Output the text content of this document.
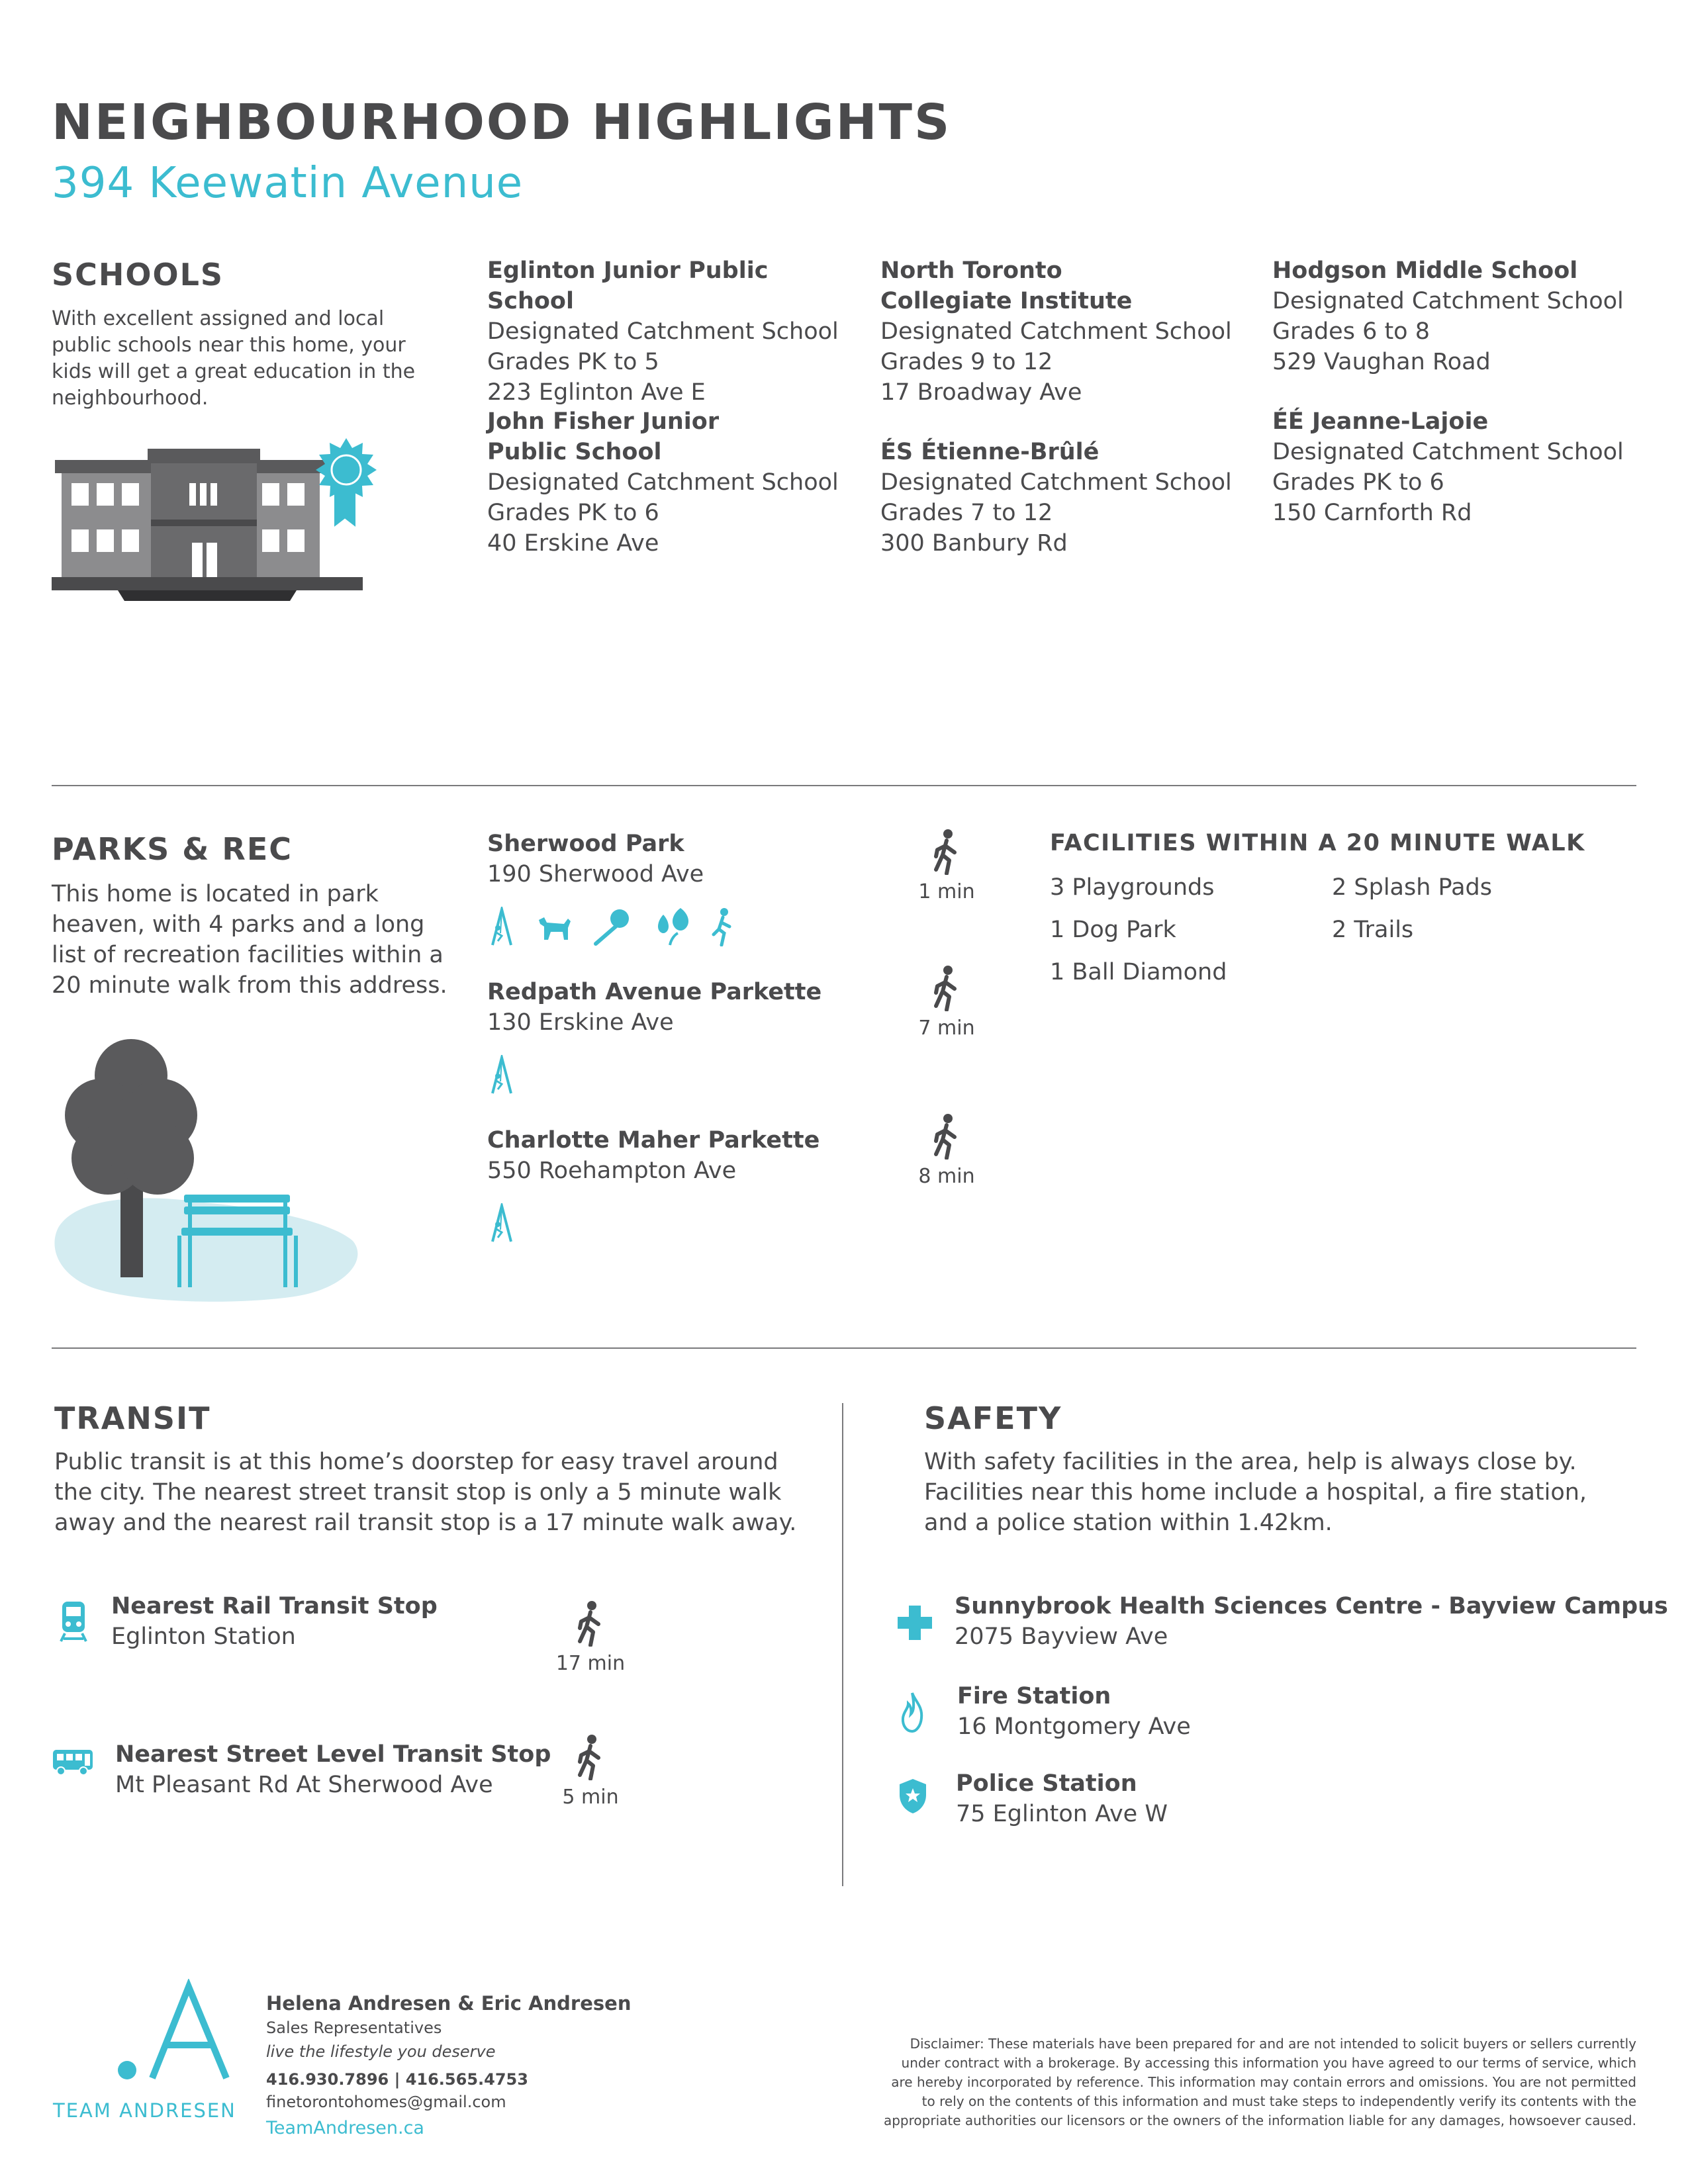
NEIGHBOURHOOD HIGHLIGHTS
394 Keewatin Avenue
SCHOOLS
With excellent assigned and local
public schools near this home, your
kids will get a great education in the
neighbourhood.
Eglinton Junior Public School
Designated Catchment School
Grades PK to 5
223 Eglinton Ave E
John Fisher Junior
Public School
Designated Catchment School
Grades PK to 6
40 Erskine Ave
North Toronto
Collegiate Institute
Designated Catchment School
Grades 9 to 12
17 Broadway Ave
ÉS Étienne-Brûlé
Designated Catchment School
Grades 7 to 12
300 Banbury Rd
Hodgson Middle School
Designated Catchment School
Grades 6 to 8
529 Vaughan Road
ÉÉ Jeanne-Lajoie
Designated Catchment School
Grades PK to 6
150 Carnforth Rd
PARKS & REC
This home is located in park
heaven, with 4 parks and a long
list of recreation facilities within a
20 minute walk from this address.
Sherwood Park
190 Sherwood Ave
Redpath Avenue Parkette
130 Erskine Ave
Charlotte Maher Parkette
550 Roehampton Ave
1 min
7 min
8 min
FACILITIES WITHIN A 20 MINUTE WALK
3 Playgrounds	2 Splash Pads
1 Dog Park	2 Trails
1 Ball Diamond
TRANSIT
Public transit is at this home’s doorstep for easy travel around
the city. The nearest street transit stop is only a 5 minute walk
away and the nearest rail transit stop is a 17 minute walk away.
Nearest Rail Transit Stop
Eglinton Station
17 min
Nearest Street Level Transit Stop
Mt Pleasant Rd At Sherwood Ave	5 min
SAFETY
With safety facilities in the area, help is always close by.
Facilities near this home include a hospital, a fire station,
and a police station within 1.42km.
Sunnybrook Health Sciences Centre - Bayview Campus
2075 Bayview Ave
Fire Station
16 Montgomery Ave
Police Station
75 Eglinton Ave W
TEAM ANDRESEN
Helena Andresen & Eric Andresen
Sales Representatives
live the lifestyle you deserve
416.930.7896 | 416.565.4753
finetorontohomes@gmail.com
TeamAndresen.ca
Disclaimer: These materials have been prepared for and are not intended to solicit buyers or sellers currently
under contract with a brokerage. By accessing this information you have agreed to our terms of service, which
are hereby incorporated by reference. This information may contain errors and omissions. You are not permitted
to rely on the contents of this information and must take steps to independently verify its contents with the
appropriate authorities our licensors or the owners of the information liable for any damages, howsoever caused.
